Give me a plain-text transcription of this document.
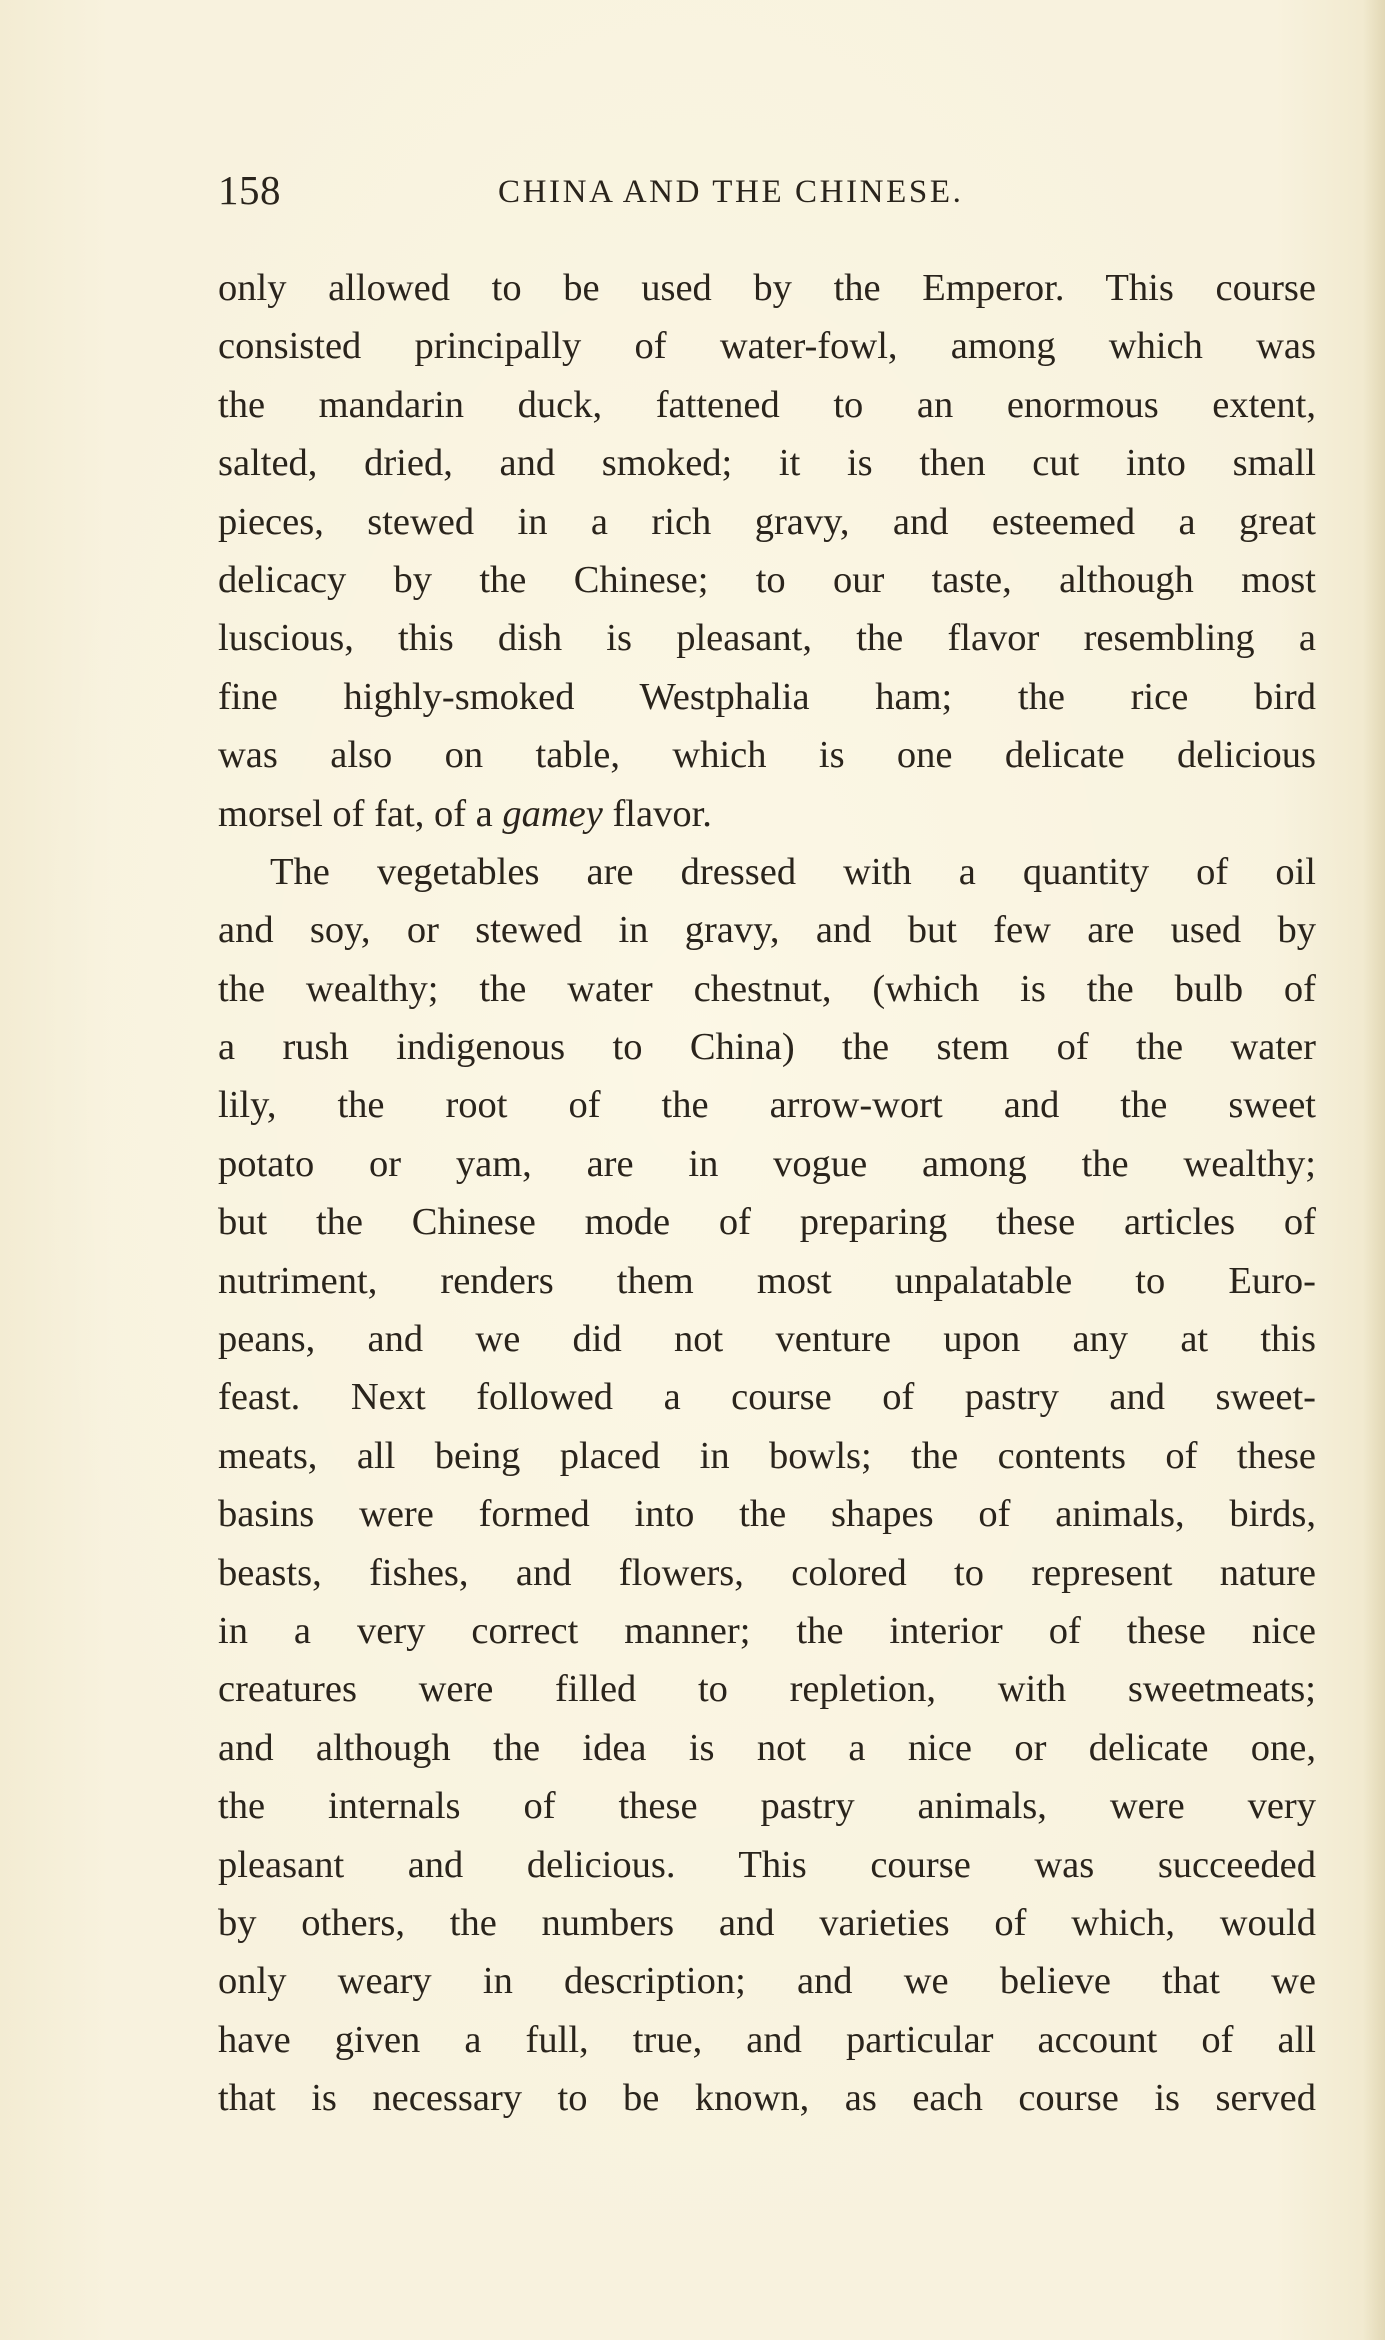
158	CHINA AND THE CHINESE.
only allowed to be used by the Emperor. This course
consisted principally of water-fowl, among which was
the mandarin duck, fattened to an enormous extent,
salted, dried, and smoked; it is then cut into small
pieces, stewed in a rich gravy, and esteemed a great
delicacy by the Chinese; to our taste, although most
luscious, this dish is pleasant, the flavor resembling a
fine highly-smoked Westphalia ham; the rice bird
was also on table, which is one delicate delicious
morsel of fat, of a gamey flavor.
The vegetables are dressed with a quantity of oil
and soy, or stewed in gravy, and but few are used by
the wealthy; the water chestnut, (which is the bulb of
a rush indigenous to China) the stem of the water
lily, the root of the arrow-wort and the sweet
potato or yam, are in vogue among the wealthy;
but the Chinese mode of preparing these articles of
nutriment, renders them most unpalatable to Euro-
peans, and we did not venture upon any at this
feast. Next followed a course of pastry and sweet-
meats, all being placed in bowls; the contents of these
basins were formed into the shapes of animals, birds,
beasts, fishes, and flowers, colored to represent nature
in a very correct manner; the interior of these nice
creatures were filled to repletion, with sweetmeats;
and although the idea is not a nice or delicate one,
the internals of these pastry animals, were very
pleasant and delicious. This course was succeeded
by others, the numbers and varieties of which, would
only weary in description; and we believe that we
have given a full, true, and particular account of all
that is necessary to be known, as each course is served
